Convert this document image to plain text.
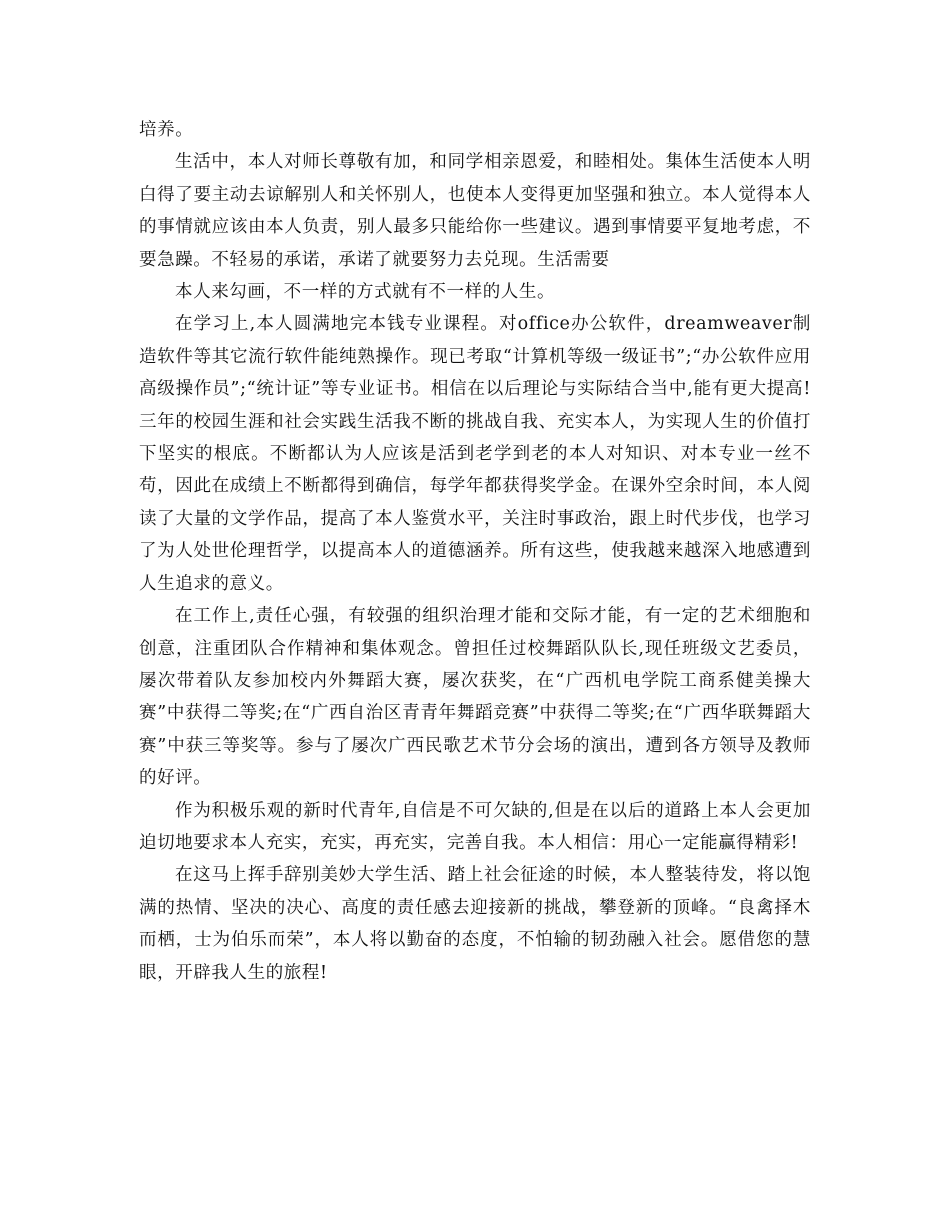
培养。

生活中，本人对师长尊敬有加，和同学相亲恩爱，和睦相处。集体生活使本人明白得了要主动去谅解别人和关怀别人，也使本人变得更加坚强和独立。本人觉得本人的事情就应该由本人负责，别人最多只能给你一些建议。遇到事情要平复地考虑，不要急躁。不轻易的承诺，承诺了就要努力去兑现。生活需要

本人来勾画，不一样的方式就有不一样的人生。

在学习上,本人圆满地完本钱专业课程。对office办公软件，dreamweaver制造软件等其它流行软件能纯熟操作。现已考取“计算机等级一级证书”;“办公软件应用高级操作员”;“统计证”等专业证书。相信在以后理论与实际结合当中,能有更大提高!三年的校园生涯和社会实践生活我不断的挑战自我、充实本人，为实现人生的价值打下坚实的根底。不断都认为人应该是活到老学到老的本人对知识、对本专业一丝不苟，因此在成绩上不断都得到确信，每学年都获得奖学金。在课外空余时间，本人阅读了大量的文学作品，提高了本人鉴赏水平，关注时事政治，跟上时代步伐，也学习了为人处世伦理哲学，以提高本人的道德涵养。所有这些，使我越来越深入地感遭到人生追求的意义。

在工作上,责任心强，有较强的组织治理才能和交际才能，有一定的艺术细胞和创意，注重团队合作精神和集体观念。曾担任过校舞蹈队队长,现任班级文艺委员，屡次带着队友参加校内外舞蹈大赛，屡次获奖，在“广西机电学院工商系健美操大赛”中获得二等奖;在“广西自治区青青年舞蹈竞赛”中获得二等奖;在“广西华联舞蹈大赛”中获三等奖等。参与了屡次广西民歌艺术节分会场的演出，遭到各方领导及教师的好评。

作为积极乐观的新时代青年,自信是不可欠缺的,但是在以后的道路上本人会更加迫切地要求本人充实，充实，再充实，完善自我。本人相信：用心一定能赢得精彩!

在这马上挥手辞别美妙大学生活、踏上社会征途的时候，本人整装待发，将以饱满的热情、坚决的决心、高度的责任感去迎接新的挑战，攀登新的顶峰。“良禽择木而栖，士为伯乐而荣”，本人将以勤奋的态度，不怕输的韧劲融入社会。愿借您的慧眼，开辟我人生的旅程!
